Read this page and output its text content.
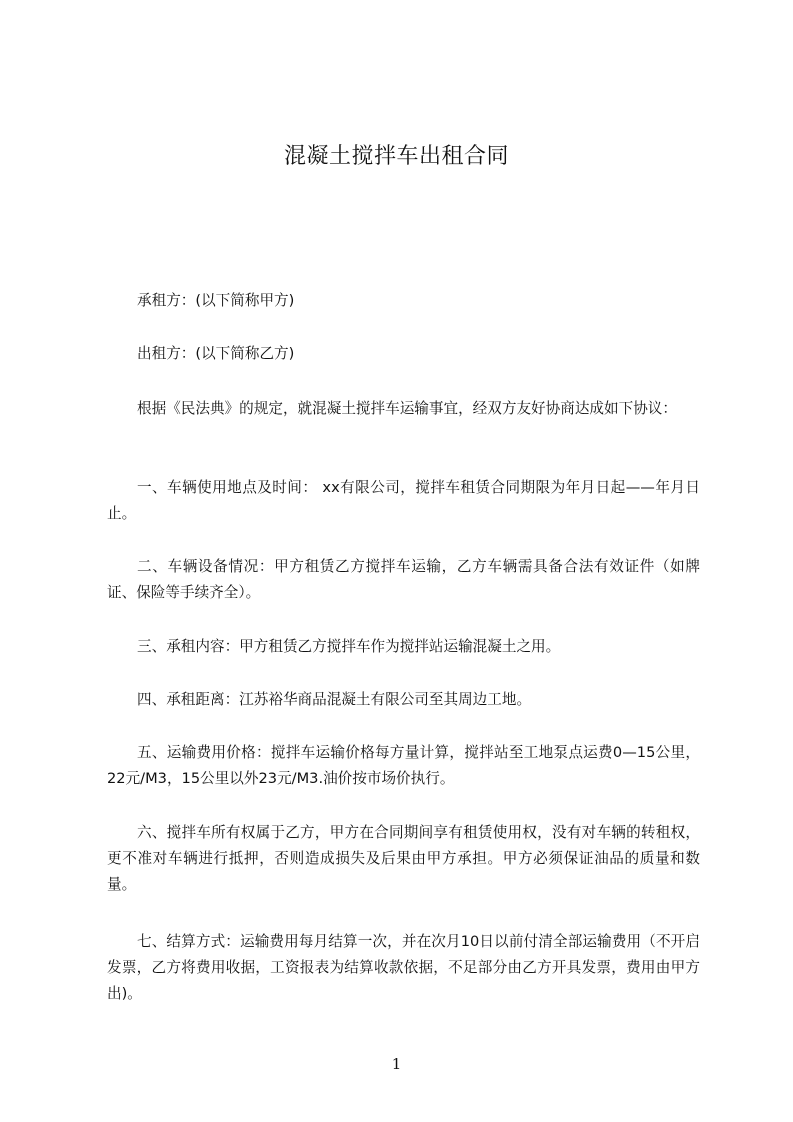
混凝土搅拌车出租合同

承租方：(以下简称甲方)

出租方：(以下简称乙方)

根据《民法典》的规定，就混凝土搅拌车运输事宜，经双方友好协商达成如下协议：

一、车辆使用地点及时间： xx有限公司，搅拌车租赁合同期限为年月日起——年月日止。

二、车辆设备情况：甲方租赁乙方搅拌车运输，乙方车辆需具备合法有效证件（如牌证、保险等手续齐全）。

三、承租内容：甲方租赁乙方搅拌车作为搅拌站运输混凝土之用。

四、承租距离：江苏裕华商品混凝土有限公司至其周边工地。

五、运输费用价格：搅拌车运输价格每方量计算，搅拌站至工地泵点运费0—15公里，22元/M3，15公里以外23元/M3.油价按市场价执行。

六、搅拌车所有权属于乙方，甲方在合同期间享有租赁使用权，没有对车辆的转租权，更不准对车辆进行抵押，否则造成损失及后果由甲方承担。甲方必须保证油品的质量和数量。

七、结算方式：运输费用每月结算一次，并在次月10日以前付清全部运输费用（不开启发票，乙方将费用收据，工资报表为结算收款依据，不足部分由乙方开具发票，费用由甲方出)。

1
